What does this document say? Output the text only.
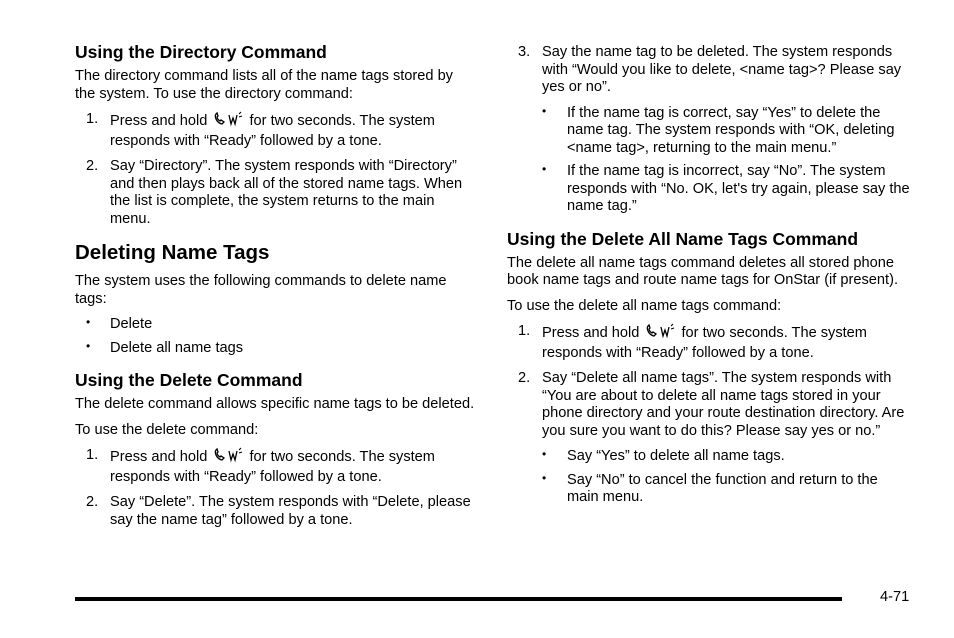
Using the Directory Command

The directory command lists all of the name tags stored by the system. To use the directory command:

1. Press and hold	for two seconds. The system responds with “Ready” followed by a tone.
2. Say “Directory”. The system responds with “Directory” and then plays back all of the stored name tags. When the list is complete, the system returns to the main menu.
Deleting Name Tags

The system uses the following commands to delete name tags:

• Delete
• Delete all name tags
Using the Delete Command

The delete command allows specific name tags to be deleted.

To use the delete command:

1. Press and hold	for two seconds. The system responds with “Ready” followed by a tone.
2. Say “Delete”. The system responds with “Delete, please say the name tag” followed by a tone.
3. Say the name tag to be deleted. The system responds with “Would you like to delete, <name tag>? Please say yes or no”.
• If the name tag is correct, say “Yes” to delete the name tag. The system responds with “OK, deleting <name tag>, returning to the main menu.”
• If the name tag is incorrect, say “No”. The system responds with “No. OK, let's try again, please say the name tag.”
Using the Delete All Name Tags Command

The delete all name tags command deletes all stored phone book name tags and route name tags for OnStar (if present).

To use the delete all name tags command:

1. Press and hold	for two seconds. The system responds with “Ready” followed by a tone.
2. Say “Delete all name tags”. The system responds with “You are about to delete all name tags stored in your phone directory and your route destination directory. Are you sure you want to do this? Please say yes or no.”
• Say “Yes” to delete all name tags.
• Say “No” to cancel the function and return to the main menu.
4-71
